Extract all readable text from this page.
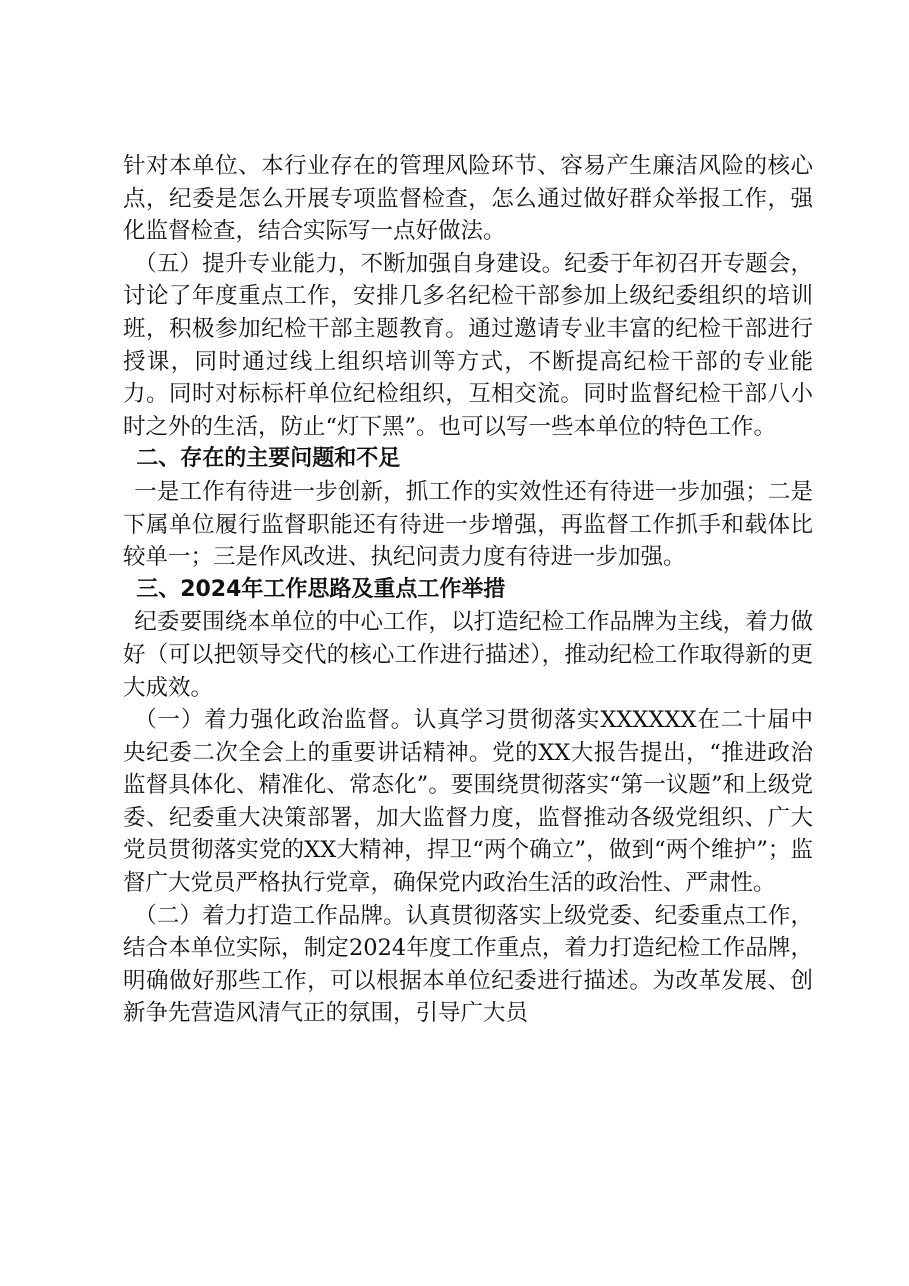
针对本单位、本行业存在的管理风险环节、容易产生廉洁风险的核心点，纪委是怎么开展专项监督检查，怎么通过做好群众举报工作，强化监督检查，结合实际写一点好做法。

（五）提升专业能力，不断加强自身建设。纪委于年初召开专题会，讨论了年度重点工作，安排几多名纪检干部参加上级纪委组织的培训班，积极参加纪检干部主题教育。通过邀请专业丰富的纪检干部进行授课，同时通过线上组织培训等方式，不断提高纪检干部的专业能力。同时对标标杆单位纪检组织，互相交流。同时监督纪检干部八小时之外的生活，防止“灯下黑”。也可以写一些本单位的特色工作。

二、存在的主要问题和不足

一是工作有待进一步创新，抓工作的实效性还有待进一步加强；二是下属单位履行监督职能还有待进一步增强，再监督工作抓手和载体比较单一；三是作风改进、执纪问责力度有待进一步加强。

三、2024年工作思路及重点工作举措

纪委要围绕本单位的中心工作，以打造纪检工作品牌为主线，着力做好（可以把领导交代的核心工作进行描述），推动纪检工作取得新的更大成效。

（一）着力强化政治监督。认真学习贯彻落实XXXXXX在二十届中央纪委二次全会上的重要讲话精神。党的XX大报告提出，“推进政治监督具体化、精准化、常态化”。要围绕贯彻落实“第一议题”和上级党委、纪委重大决策部署，加大监督力度，监督推动各级党组织、广大党员贯彻落实党的XX大精神，捍卫“两个确立”，做到“两个维护”；监督广大党员严格执行党章，确保党内政治生活的政治性、严肃性。

（二）着力打造工作品牌。认真贯彻落实上级党委、纪委重点工作，结合本单位实际，制定2024年度工作重点，着力打造纪检工作品牌，明确做好那些工作，可以根据本单位纪委进行描述。为改革发展、创新争先营造风清气正的氛围，引导广大员
